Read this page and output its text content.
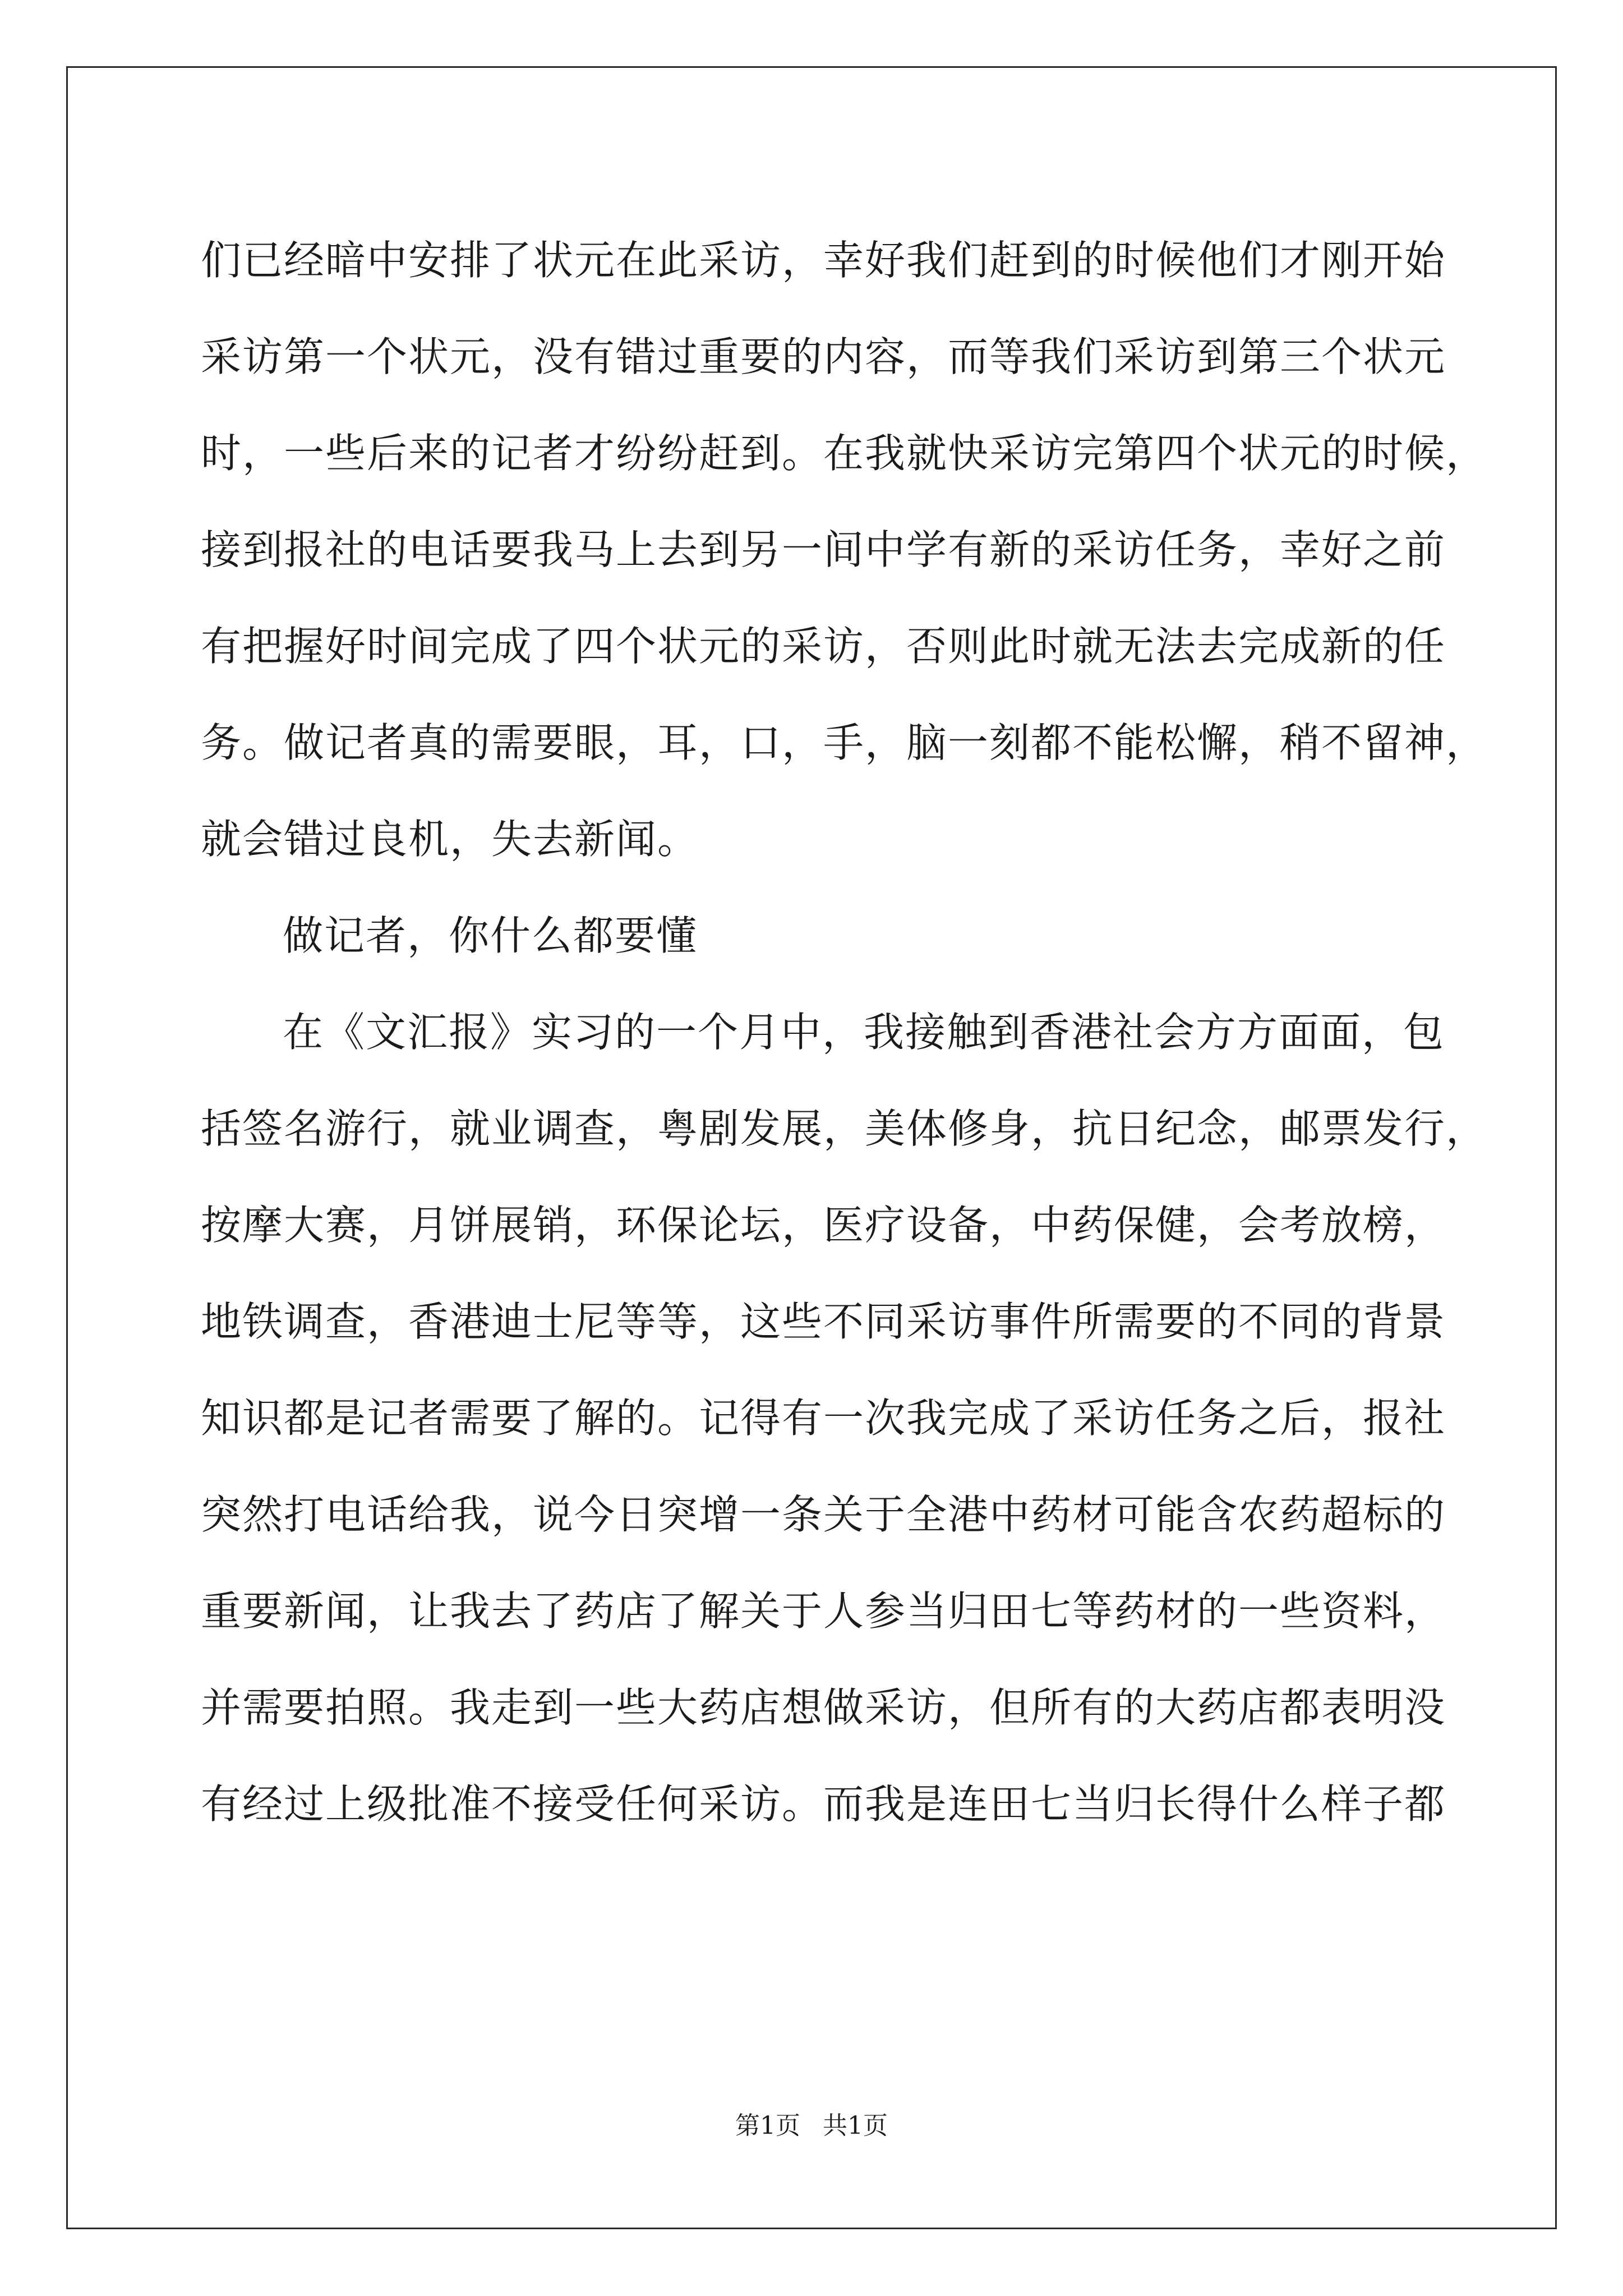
们已经暗中安排了状元在此采访，幸好我们赶到的时候他们才刚开始
采访第一个状元，没有错过重要的内容，而等我们采访到第三个状元
时，一些后来的记者才纷纷赶到。在我就快采访完第四个状元的时候，
接到报社的电话要我马上去到另一间中学有新的采访任务，幸好之前
有把握好时间完成了四个状元的采访，否则此时就无法去完成新的任
务。做记者真的需要眼，耳，口，手，脑一刻都不能松懈，稍不留神，
就会错过良机，失去新闻。
做记者，你什么都要懂
在《文汇报》实习的一个月中，我接触到香港社会方方面面，包
括签名游行，就业调查，粤剧发展，美体修身，抗日纪念，邮票发行，
按摩大赛，月饼展销，环保论坛，医疗设备，中药保健，会考放榜，
地铁调查，香港迪士尼等等，这些不同采访事件所需要的不同的背景
知识都是记者需要了解的。记得有一次我完成了采访任务之后，报社
突然打电话给我，说今日突增一条关于全港中药材可能含农药超标的
重要新闻，让我去了药店了解关于人参当归田七等药材的一些资料，
并需要拍照。我走到一些大药店想做采访，但所有的大药店都表明没
有经过上级批准不接受任何采访。而我是连田七当归长得什么样子都
第1页 共1页
